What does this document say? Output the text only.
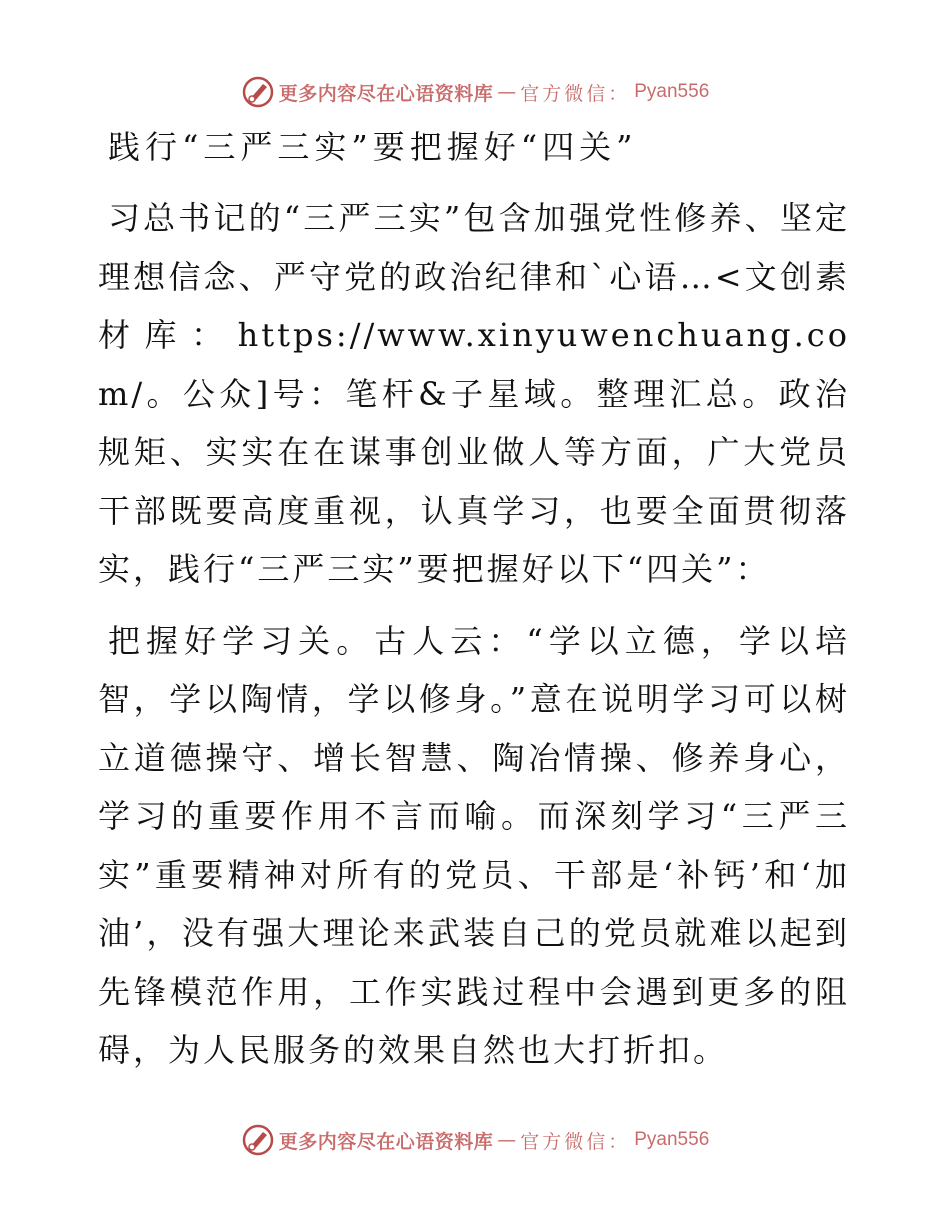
更多内容尽在心语资料库 — 官方微信： Pyan556
践行“三严三实”要把握好“四关”

习总书记的“三严三实”包含加强党性修养、坚定理想信念、严守党的政治纪律和`心语…<文创素材库：https://www.xinyuwenchuang.com/。公众]号：笔杆&子星域。整理汇总。政治规矩、实实在在谋事创业做人等方面，广大党员干部既要高度重视，认真学习，也要全面贯彻落实，践行“三严三实”要把握好以下“四关”：

把握好学习关。古人云：“学以立德，学以培智，学以陶情，学以修身。”意在说明学习可以树立道德操守、增长智慧、陶冶情操、修养身心，学习的重要作用不言而喻。而深刻学习“三严三实”重要精神对所有的党员、干部是‘补钙’和‘加油’，没有强大理论来武装自己的党员就难以起到先锋模范作用，工作实践过程中会遇到更多的阻碍，为人民服务的效果自然也大打折扣。

更多内容尽在心语资料库 — 官方微信： Pyan556
